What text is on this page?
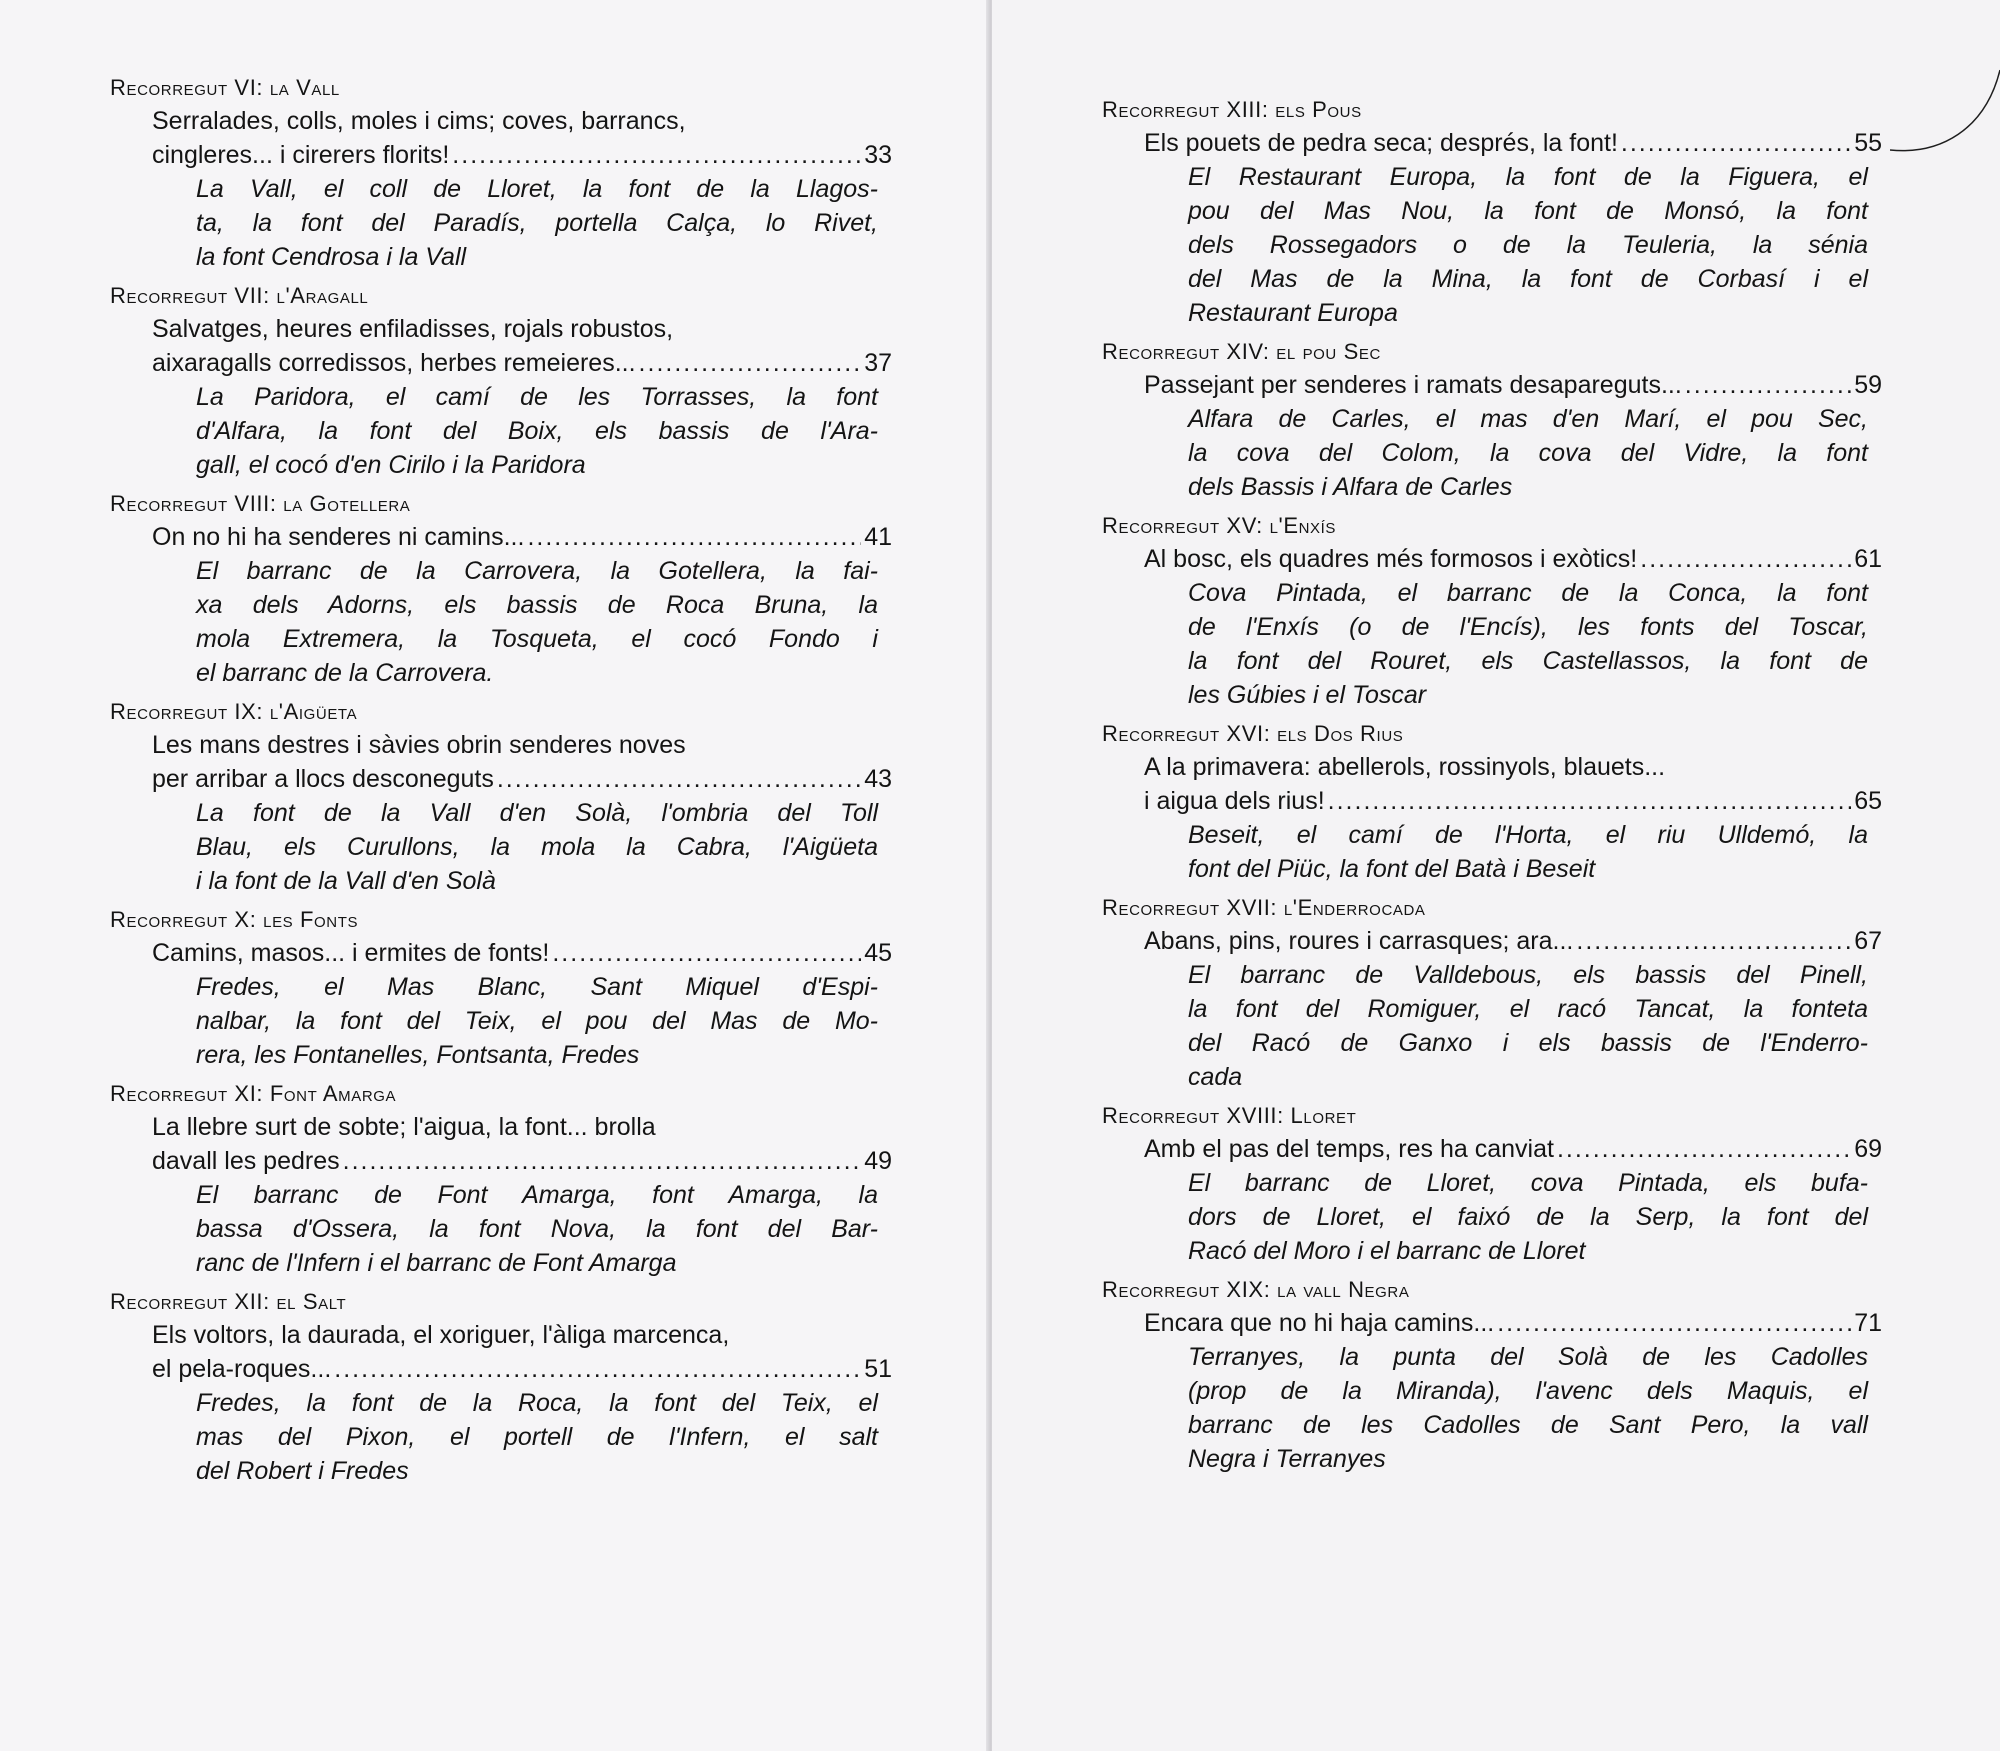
Recorregut VI: la Vall
Serralades, colls, moles i cims; coves, barrancs,
cingleres... i cirerers florits! .....	33
La Vall, el coll de Lloret, la font de la Llagos-
ta, la font del Paradís, portella Calça, lo Rivet,
la font Cendrosa i la Vall
Recorregut VII: l'Aragall
Salvatges, heures enfiladisses, rojals robustos,
aixaragalls corredissos, herbes remeieres... .....	37
La Paridora, el camí de les Torrasses, la font
d'Alfara, la font del Boix, els bassis de l'Ara-
gall, el cocó d'en Cirilo i la Paridora
Recorregut VIII: la Gotellera
On no hi ha senderes ni camins... .....	41
El barranc de la Carrovera, la Gotellera, la fai-
xa dels Adorns, els bassis de Roca Bruna, la
mola Extremera, la Tosqueta, el cocó Fondo i
el barranc de la Carrovera.
Recorregut IX: l'Aigüeta
Les mans destres i sàvies obrin senderes noves
per arribar a llocs desconeguts .....	43
La font de la Vall d'en Solà, l'ombria del Toll
Blau, els Curullons, la mola la Cabra, l'Aigüeta
i la font de la Vall d'en Solà
Recorregut X: les Fonts
Camins, masos... i ermites de fonts! .....	45
Fredes, el Mas Blanc, Sant Miquel d'Espi-
nalbar, la font del Teix, el pou del Mas de Mo-
rera, les Fontanelles, Fontsanta, Fredes
Recorregut XI: Font Amarga
La llebre surt de sobte; l'aigua, la font... brolla
davall les pedres .....	49
El barranc de Font Amarga, font Amarga, la
bassa d'Ossera, la font Nova, la font del Bar-
ranc de l'Infern i el barranc de Font Amarga
Recorregut XII: el Salt
Els voltors, la daurada, el xoriguer, l'àliga marcenca,
el pela-roques... .....	51
Fredes, la font de la Roca, la font del Teix, el
mas del Pixon, el portell de l'Infern, el salt
del Robert i Fredes
Recorregut XIII: els Pous
Els pouets de pedra seca; després, la font! .....	55
El Restaurant Europa, la font de la Figuera, el
pou del Mas Nou, la font de Monsó, la font
dels Rossegadors o de la Teuleria, la sénia
del Mas de la Mina, la font de Corbasí i el
Restaurant Europa
Recorregut XIV: el pou Sec
Passejant per senderes i ramats desapareguts... .....	59
Alfara de Carles, el mas d'en Marí, el pou Sec,
la cova del Colom, la cova del Vidre, la font
dels Bassis i Alfara de Carles
Recorregut XV: l'Enxís
Al bosc, els quadres més formosos i exòtics! .....	61
Cova Pintada, el barranc de la Conca, la font
de l'Enxís (o de l'Encís), les fonts del Toscar,
la font del Rouret, els Castellassos, la font de
les Gúbies i el Toscar
Recorregut XVI: els Dos Rius
A la primavera: abellerols, rossinyols, blauets...
i aigua dels rius! .....	65
Beseit, el camí de l'Horta, el riu Ulldemó, la
font del Piüc, la font del Batà i Beseit
Recorregut XVII: l'Enderrocada
Abans, pins, roures i carrasques; ara... .....	67
El barranc de Valldebous, els bassis del Pinell,
la font del Romiguer, el racó Tancat, la fonteta
del Racó de Ganxo i els bassis de l'Enderro-
cada
Recorregut XVIII: Lloret
Amb el pas del temps, res ha canviat .....	69
El barranc de Lloret, cova Pintada, els bufa-
dors de Lloret, el faixó de la Serp, la font del
Racó del Moro i el barranc de Lloret
Recorregut XIX: la vall Negra
Encara que no hi haja camins... .....	71
Terranyes, la punta del Solà de les Cadolles
(prop de la Miranda), l'avenc dels Maquis, el
barranc de les Cadolles de Sant Pero, la vall
Negra i Terranyes
